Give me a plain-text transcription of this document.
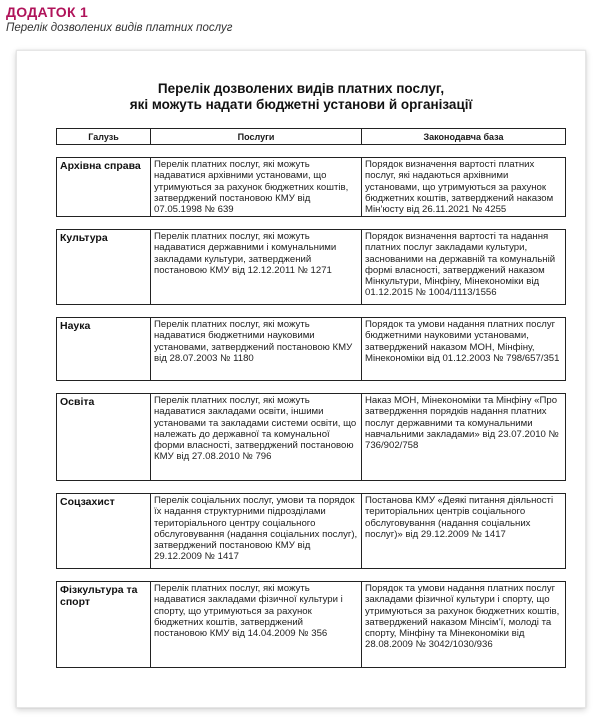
ДОДАТОК 1
Перелік дозволених видів платних послуг
Перелік дозволених видів платних послуг,
які можуть надати бюджетні установи й організації
Галузь	Послуги	Законодавча база

Архівна справа	Перелік платних послуг, які можуть надаватися архівними установами, що утримуються за рахунок бюджетних коштів, затверджений постановою КМУ від 07.05.1998 № 639	Порядок визначення вартості платних послуг, які надаються архівними установами, що утримуються за рахунок бюджетних коштів, затверджений наказом Мін’юсту від 26.11.2021 № 4255

Культура	Перелік платних послуг, які можуть надаватися державними і комунальними закладами культури, затверджений постановою КМУ від 12.12.2011 № 1271	Порядок визначення вартості та надання платних послуг закладами культури, заснованими на державній та комунальній формі власності, затверджений наказом Мінкультури, Мінфіну, Мінекономіки від 01.12.2015 № 1004/1113/1556

Наука	Перелік платних послуг, які можуть надаватися бюджетними науковими установами, затверджений постановою КМУ від 28.07.2003 № 1180	Порядок та умови надання платних послуг бюджетними науковими установами, затверджений наказом МОН, Мінфіну, Мінекономіки від 01.12.2003 № 798/657/351

Освіта	Перелік платних послуг, які можуть надаватися закладами освіти, іншими установами та закладами системи освіти, що належать до державної та комунальної форми власності, затверджений постановою КМУ від 27.08.2010 № 796	Наказ МОН, Мінекономіки та Мінфіну «Про затвердження порядків надання платних послуг державними та комунальними навчальними закладами» від 23.07.2010 № 736/902/758

Соцзахист	Перелік соціальних послуг, умови та порядок їх надання структурними підрозділами територіального центру соціального обслуговування (надання соціальних послуг), затверджений постановою КМУ від 29.12.2009 № 1417	Постанова КМУ «Деякі питання діяльності територіальних центрів соціального обслуговування (надання соціальних послуг)» від 29.12.2009 № 1417

Фізкультура та спорт	Перелік платних послуг, які можуть надаватися закладами фізичної культури і спорту, що утримуються за рахунок бюджетних коштів, затверджений постановою КМУ від 14.04.2009 № 356	Порядок та умови надання платних послуг закладами фізичної культури і спорту, що утримуються за рахунок бюджетних коштів, затверджений наказом Мінсім’ї, молоді та спорту, Мінфіну та Мінекономіки від 28.08.2009 № 3042/1030/936
